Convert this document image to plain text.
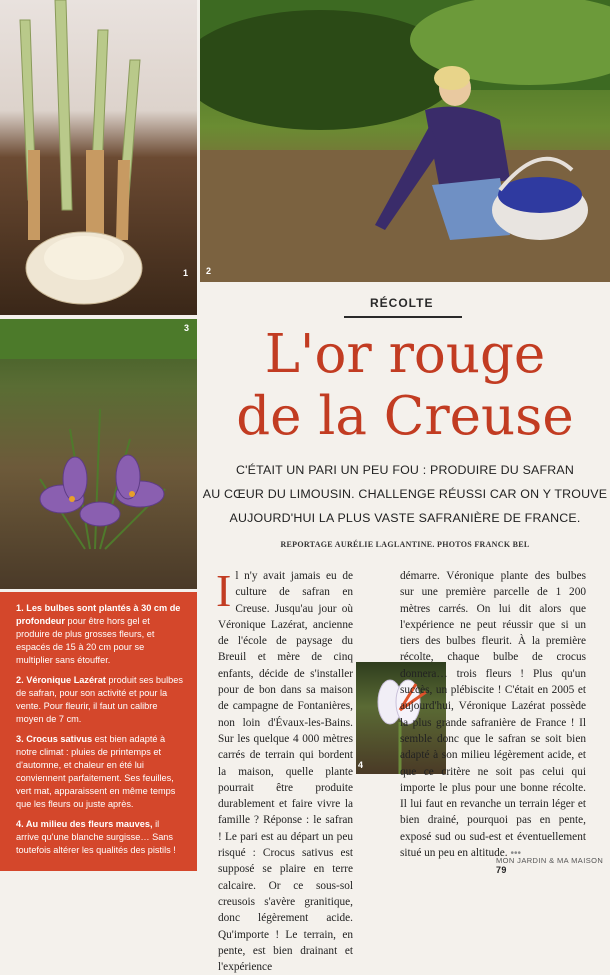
1 2
3
4

1. Les bulbes sont plantés à 30 cm de profondeur pour être hors gel et produire de plus grosses fleurs, et espacés de 15 à 20 cm pour se multiplier sans étouffer.

2. Véronique Lazérat produit ses bulbes de safran, pour son activité et pour la vente. Pour fleurir, il faut un calibre moyen de 7 cm.

3. Crocus sativus est bien adapté à notre climat : pluies de printemps et d'automne, et chaleur en été lui conviennent parfaitement. Ses feuilles, vert mat, apparaissent en même temps que les fleurs ou juste après.

4. Au milieu des fleurs mauves, il arrive qu'une blanche surgisse… Sans toutefois altérer les qualités des pistils !

RÉCOLTE
L'or rouge
de la Creuse
C'ÉTAIT UN PARI UN PEU FOU : PRODUIRE DU SAFRAN
AU CŒUR DU LIMOUSIN. CHALLENGE RÉUSSI CAR ON Y TROUVE
AUJOURD'HUI LA PLUS VASTE SAFRANIÈRE DE FRANCE.
REPORTAGE AURÉLIE LAGLANTINE. PHOTOS FRANCK BEL
Il n'y avait jamais eu de culture de safran en Creuse. Jusqu'au jour où Véronique Lazérat, ancienne de l'école de paysage du Breuil et mère de cinq enfants, décide de s'installer pour de bon dans sa maison de campagne de Fontanières, non loin d'Évaux-les-Bains. Sur les quelque 4 000 mètres carrés de terrain qui bordent la maison, quelle plante pourrait être produite durablement et faire vivre la famille ? Réponse : le safran ! Le pari est au départ un peu risqué : Crocus sativus est supposé se plaire en terre calcaire. Or ce sous-sol creusois s'avère granitique, donc légèrement acide. Qu'importe ! Le terrain, en pente, est bien drainant et l'expérience
démarre. Véronique plante des bulbes sur une première parcelle de 1 200 mètres carrés. On lui dit alors que l'expérience ne peut réussir que si un tiers des bulbes fleurit. À la première récolte, chaque bulbe de crocus donnera… trois fleurs ! Plus qu'un succès, un plébiscite ! C'était en 2005 et aujourd'hui, Véronique Lazérat possède la plus grande safranière de France ! Il semble donc que le safran se soit bien adapté à son milieu légèrement acide, et que ce critère ne soit pas celui qui importe le plus pour une bonne récolte. Il lui faut en revanche un terrain léger et bien drainé, pourquoi pas en pente, exposé sud ou sud-est et éventuellement situé un peu en altitude. •••
MON JARDIN & MA MAISON 79
